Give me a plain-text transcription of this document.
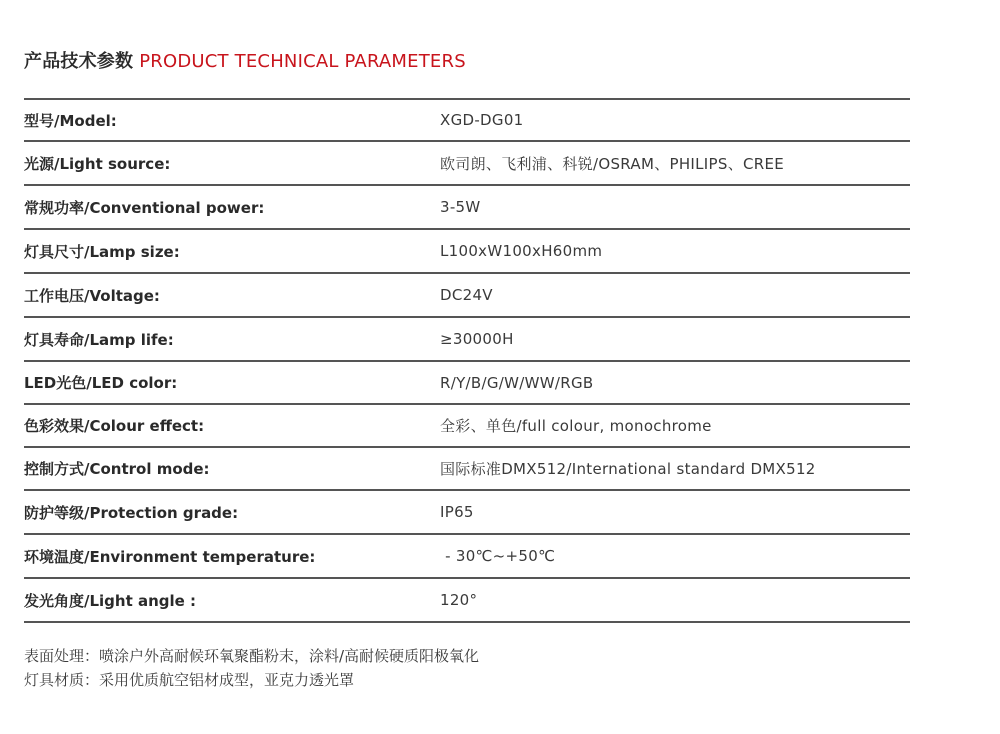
产品技术参数 PRODUCT TECHNICAL PARAMETERS
型号/Model:	XGD-DG01
光源/Light source:	欧司朗、飞利浦、科锐/OSRAM、PHILIPS、CREE
常规功率/Conventional power:	3-5W
灯具尺寸/Lamp size:	L100xW100xH60mm
工作电压/Voltage:	DC24V
灯具寿命/Lamp life:	≥30000H
LED光色/LED color:	R/Y/B/G/W/WW/RGB
色彩效果/Colour effect:	全彩、单色/full colour, monochrome
控制方式/Control mode:	国际标准DMX512/International standard DMX512
防护等级/Protection grade:	IP65
环境温度/Environment temperature:	- 30℃~+50℃
发光角度/Light angle :	120°
表面处理：喷涂户外高耐候环氧聚酯粉末，涂料/高耐候硬质阳极氧化
灯具材质：采用优质航空铝材成型，亚克力透光罩
